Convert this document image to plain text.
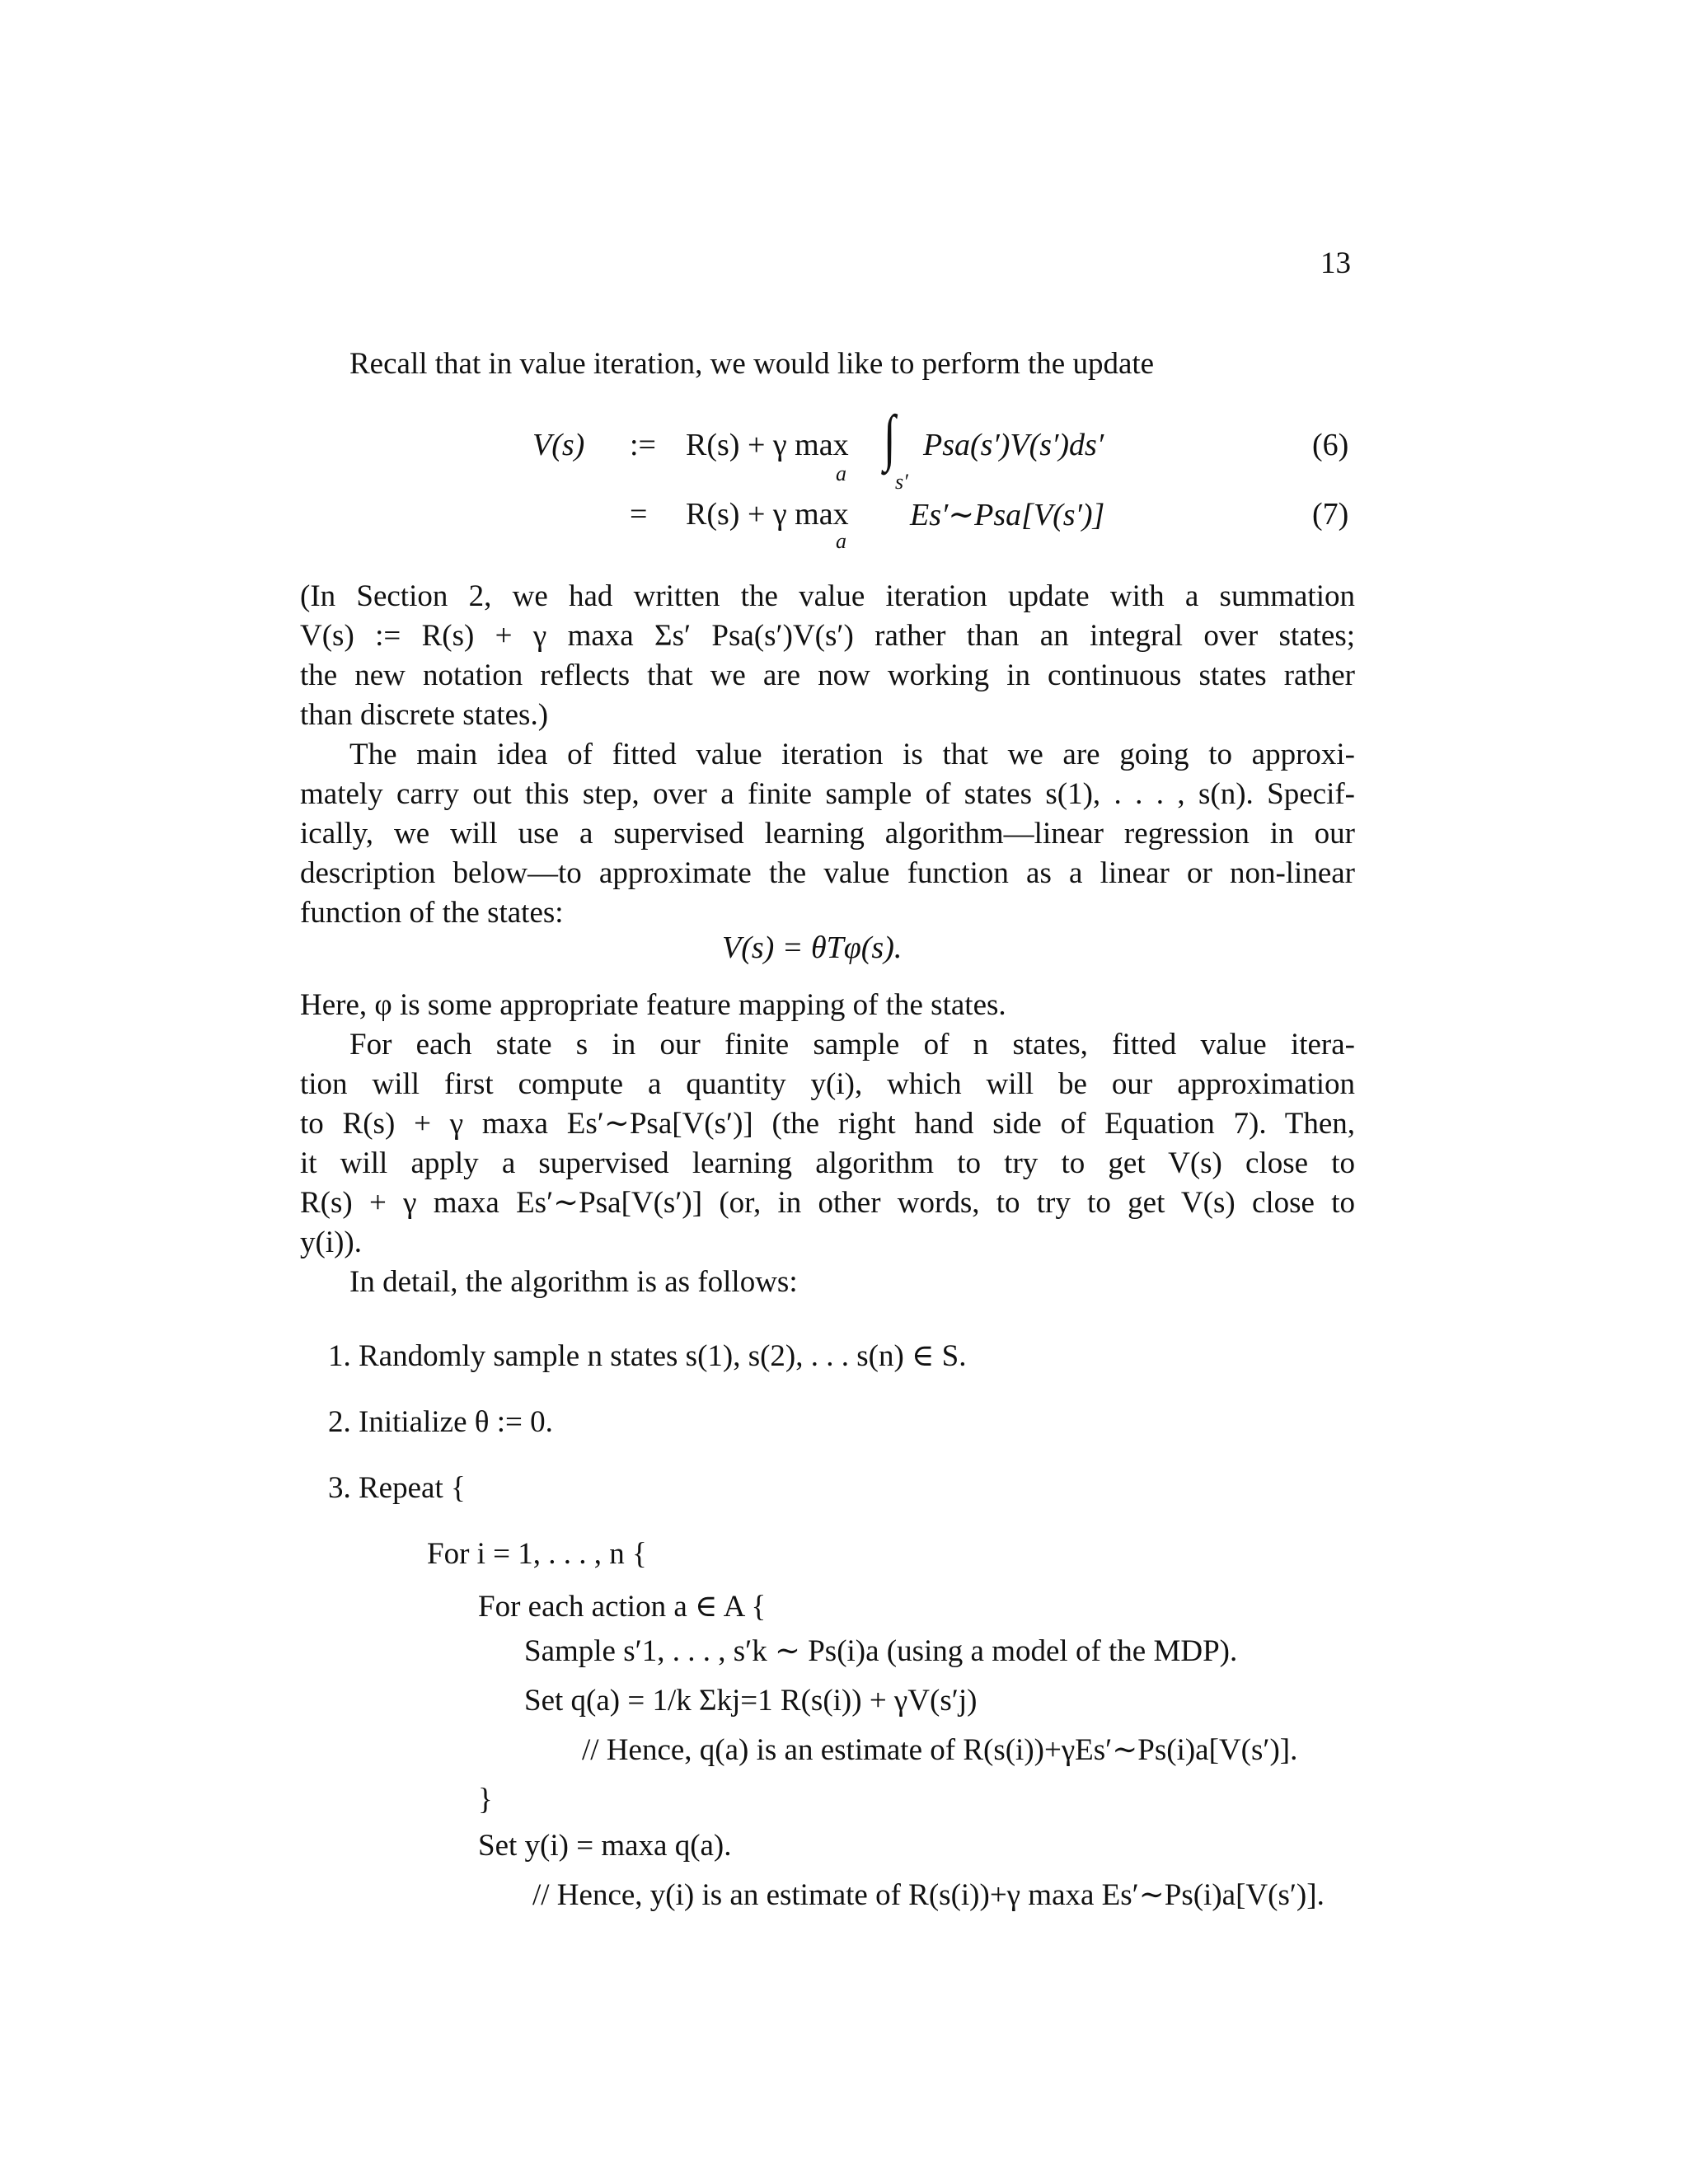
13
Recall that in value iteration, we would like to perform the update
V(s) := R(s) + γ max
a
∫
s′
Psa(s′)V(s′)ds′	(6)
= R(s) + γ max
a
Es′∼Psa[V(s′)]	(7)
(In Section 2, we had written the value iteration update with a summation
V(s) := R(s) + γ maxa Σs′ Psa(s′)V(s′) rather than an integral over states;
the new notation reflects that we are now working in continuous states rather
than discrete states.)
The main idea of fitted value iteration is that we are going to approxi-
mately carry out this step, over a finite sample of states s(1), . . . , s(n). Specif-
ically, we will use a supervised learning algorithm—linear regression in our
description below—to approximate the value function as a linear or non-linear
function of the states:
V(s) = θTφ(s).
Here, φ is some appropriate feature mapping of the states.
For each state s in our finite sample of n states, fitted value itera-
tion will first compute a quantity y(i), which will be our approximation
to R(s) + γ maxa Es′∼Psa[V(s′)] (the right hand side of Equation 7). Then,
it will apply a supervised learning algorithm to try to get V(s) close to
R(s) + γ maxa Es′∼Psa[V(s′)] (or, in other words, to try to get V(s) close to
y(i)).
In detail, the algorithm is as follows:
1. Randomly sample n states s(1), s(2), . . . s(n) ∈ S.
2. Initialize θ := 0.
3. Repeat {
For i = 1, . . . , n {
For each action a ∈ A {
Sample s′1, . . . , s′k ∼ Ps(i)a (using a model of the MDP).
Set q(a) = 1/k Σkj=1 R(s(i)) + γV(s′j)
// Hence, q(a) is an estimate of R(s(i))+γEs′∼Ps(i)a[V(s′)].
}
Set y(i) = maxa q(a).
// Hence, y(i) is an estimate of R(s(i))+γ maxa Es′∼Ps(i)a[V(s′)].
